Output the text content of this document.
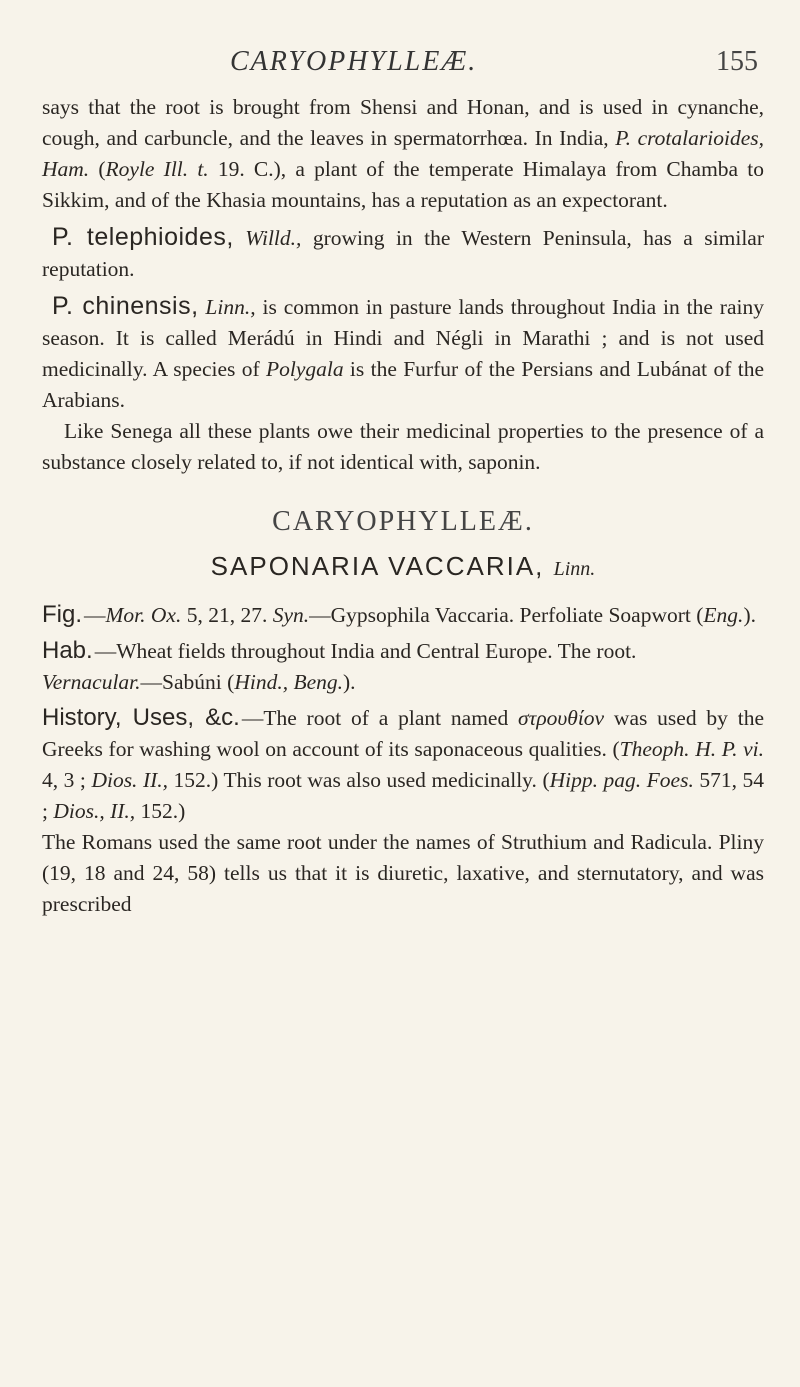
CARYOPHYLLEÆ.	155

says that the root is brought from Shensi and Honan, and is used in cynanche, cough, and carbuncle, and the leaves in spermatorrhœa. In India, P. crotalarioides, Ham. (Royle Ill. t. 19. C.), a plant of the temperate Himalaya from Chamba to Sikkim, and of the Khasia mountains, has a reputation as an expectorant.

P. telephioides, Willd., growing in the Western Peninsula, has a similar reputation.

P. chinensis, Linn., is common in pasture lands throughout India in the rainy season. It is called Merádú in Hindi and Négli in Marathi ; and is not used medicinally. A species of Polygala is the Furfur of the Persians and Lubánat of the Arabians.

Like Senega all these plants owe their medicinal properties to the presence of a substance closely related to, if not identical with, saponin.

CARYOPHYLLEÆ.
SAPONARIA VACCARIA, Linn.

Fig.—Mor. Ox. 5, 21, 27. Syn.—Gypsophila Vaccaria. Perfoliate Soapwort (Eng.).

Hab.—Wheat fields throughout India and Central Europe. The root.

Vernacular.—Sabúni (Hind., Beng.).

History, Uses, &c.—The root of a plant named στρουθίον was used by the Greeks for washing wool on account of its saponaceous qualities. (Theoph. H. P. vi. 4, 3 ; Dios. II., 152.) This root was also used medicinally. (Hipp. pag. Foes. 571, 54 ; Dios., II., 152.)

The Romans used the same root under the names of Struthium and Radicula. Pliny (19, 18 and 24, 58) tells us that it is diuretic, laxative, and sternutatory, and was prescribed
